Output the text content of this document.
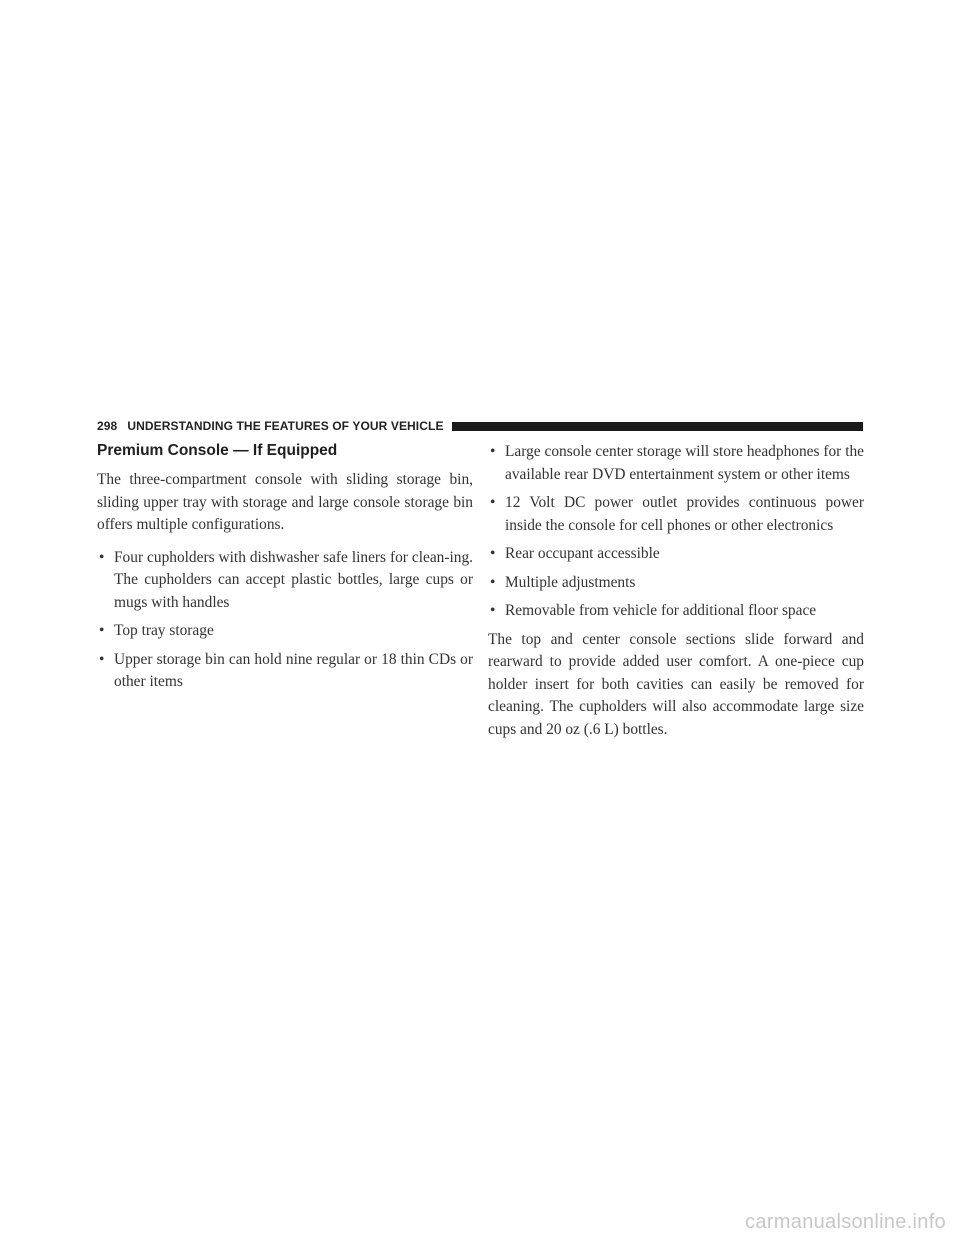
298 UNDERSTANDING THE FEATURES OF YOUR VEHICLE
Premium Console — If Equipped

The three-compartment console with sliding storage bin, sliding upper tray with storage and large console storage bin offers multiple configurations.

• Four cupholders with dishwasher safe liners for clean-ing. The cupholders can accept plastic bottles, large cups or mugs with handles
• Top tray storage
• Upper storage bin can hold nine regular or 18 thin CDs or other items
• Large console center storage will store headphones for the available rear DVD entertainment system or other items
• 12 Volt DC power outlet provides continuous power inside the console for cell phones or other electronics
• Rear occupant accessible
• Multiple adjustments
• Removable from vehicle for additional floor space

The top and center console sections slide forward and rearward to provide added user comfort. A one-piece cup holder insert for both cavities can easily be removed for cleaning. The cupholders will also accommodate large size cups and 20 oz (.6 L) bottles.

carmanualsonline.info
